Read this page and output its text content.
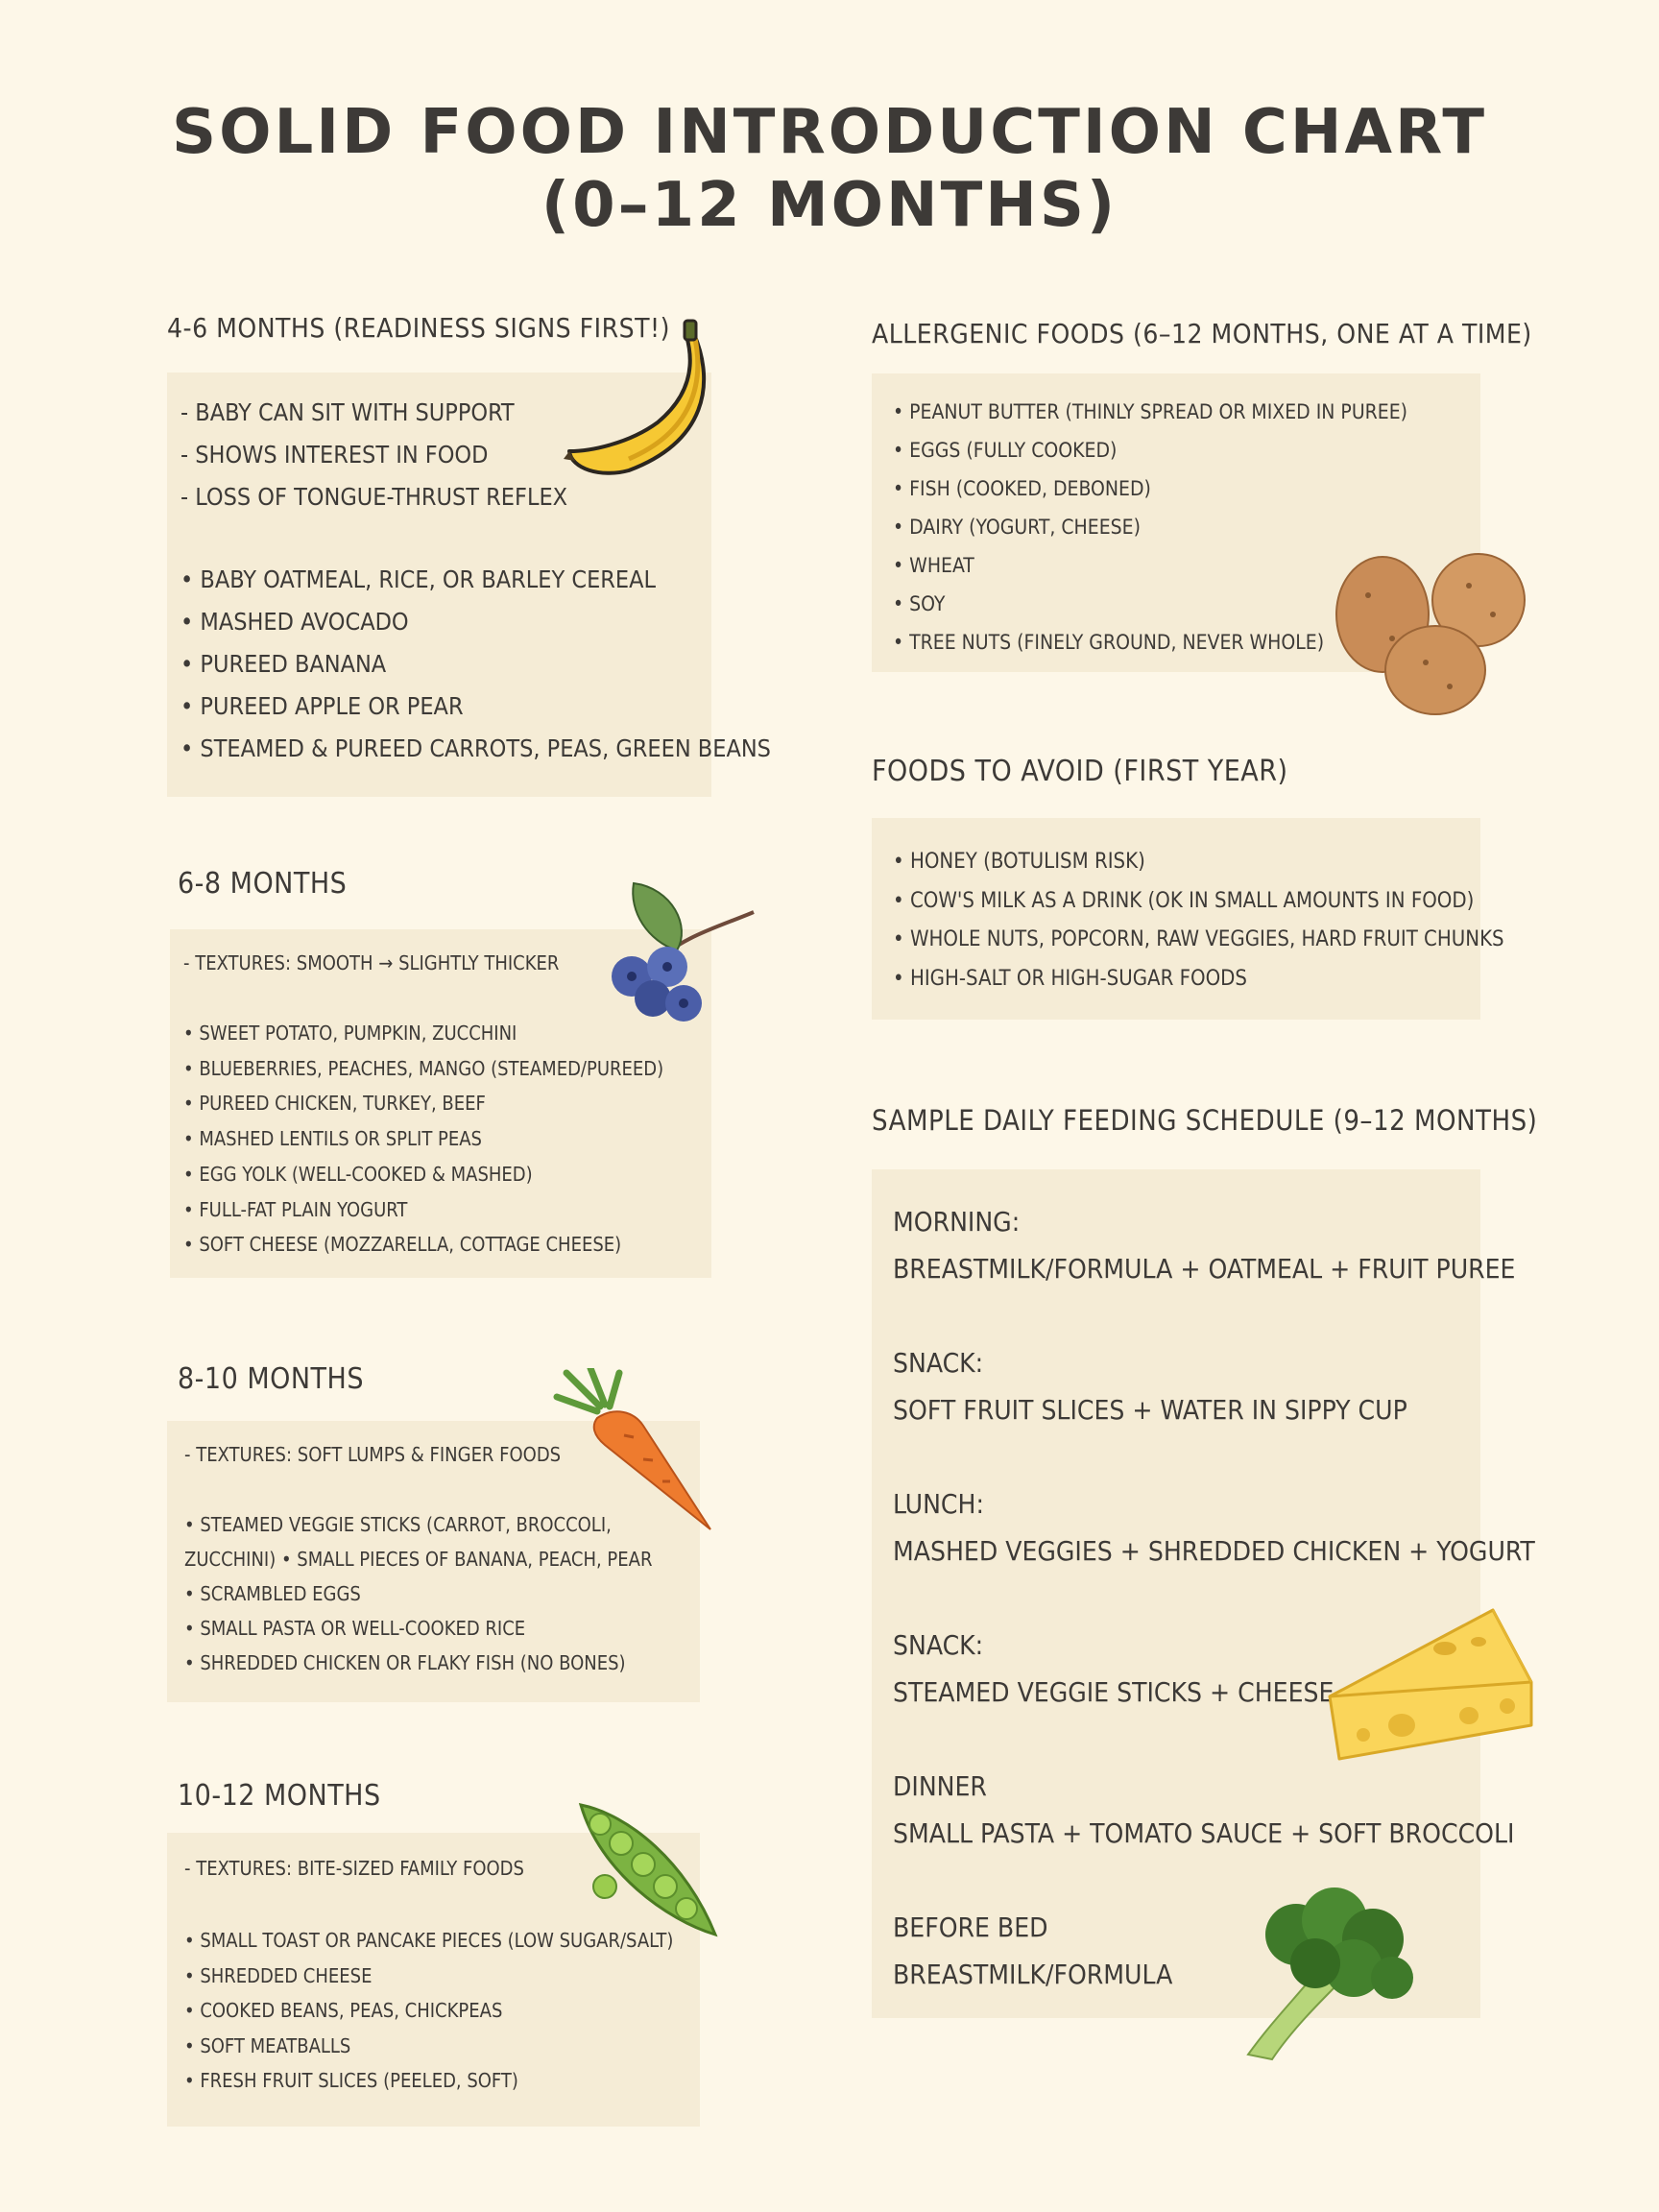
SOLID FOOD INTRODUCTION CHART
(0–12 MONTHS)
4-6 MONTHS (READINESS SIGNS FIRST!)
- BABY CAN SIT WITH SUPPORT
- SHOWS INTEREST IN FOOD
- LOSS OF TONGUE-THRUST REFLEX
• BABY OATMEAL, RICE, OR BARLEY CEREAL
• MASHED AVOCADO
• PUREED BANANA
• PUREED APPLE OR PEAR
• STEAMED & PUREED CARROTS, PEAS, GREEN BEANS
6-8 MONTHS
- TEXTURES: SMOOTH → SLIGHTLY THICKER
• SWEET POTATO, PUMPKIN, ZUCCHINI
• BLUEBERRIES, PEACHES, MANGO (STEAMED/PUREED)
• PUREED CHICKEN, TURKEY, BEEF
• MASHED LENTILS OR SPLIT PEAS
• EGG YOLK (WELL-COOKED & MASHED)
• FULL-FAT PLAIN YOGURT
• SOFT CHEESE (MOZZARELLA, COTTAGE CHEESE)
8-10 MONTHS
- TEXTURES: SOFT LUMPS & FINGER FOODS
• STEAMED VEGGIE STICKS (CARROT, BROCCOLI,
ZUCCHINI) • SMALL PIECES OF BANANA, PEACH, PEAR
• SCRAMBLED EGGS
• SMALL PASTA OR WELL-COOKED RICE
• SHREDDED CHICKEN OR FLAKY FISH (NO BONES)
10-12 MONTHS
- TEXTURES: BITE-SIZED FAMILY FOODS
• SMALL TOAST OR PANCAKE PIECES (LOW SUGAR/SALT)
• SHREDDED CHEESE
• COOKED BEANS, PEAS, CHICKPEAS
• SOFT MEATBALLS
• FRESH FRUIT SLICES (PEELED, SOFT)
ALLERGENIC FOODS (6–12 MONTHS, ONE AT A TIME)
• PEANUT BUTTER (THINLY SPREAD OR MIXED IN PUREE)
• EGGS (FULLY COOKED)
• FISH (COOKED, DEBONED)
• DAIRY (YOGURT, CHEESE)
• WHEAT
• SOY
• TREE NUTS (FINELY GROUND, NEVER WHOLE)
FOODS TO AVOID (FIRST YEAR)
• HONEY (BOTULISM RISK)
• COW'S MILK AS A DRINK (OK IN SMALL AMOUNTS IN FOOD)
• WHOLE NUTS, POPCORN, RAW VEGGIES, HARD FRUIT CHUNKS
• HIGH-SALT OR HIGH-SUGAR FOODS
SAMPLE DAILY FEEDING SCHEDULE (9–12 MONTHS)
MORNING:
BREASTMILK/FORMULA + OATMEAL + FRUIT PUREE
SNACK:
SOFT FRUIT SLICES + WATER IN SIPPY CUP
LUNCH:
MASHED VEGGIES + SHREDDED CHICKEN + YOGURT
SNACK:
STEAMED VEGGIE STICKS + CHEESE
DINNER
SMALL PASTA + TOMATO SAUCE + SOFT BROCCOLI
BEFORE BED
BREASTMILK/FORMULA
